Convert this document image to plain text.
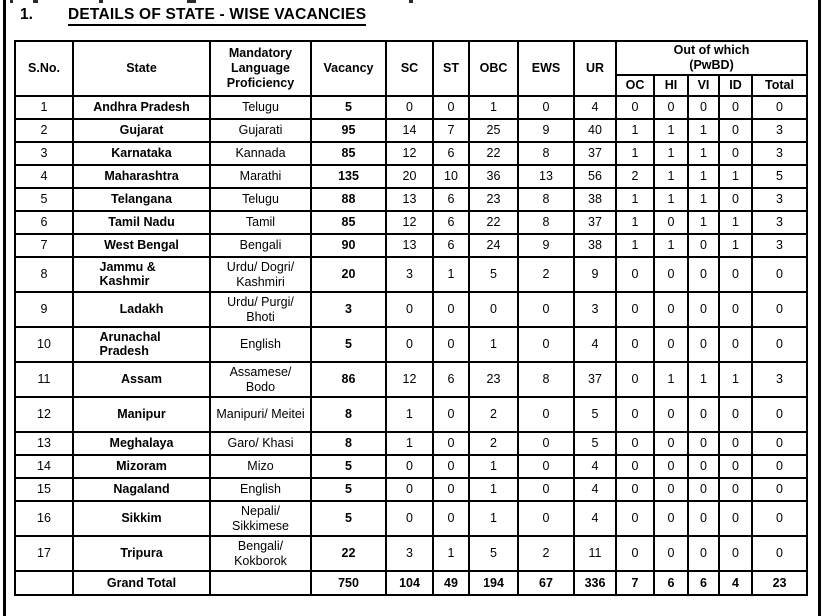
1. DETAILS OF STATE - WISE VACANCIES
S.No.	State	Mandatory Language Proficiency	Vacancy	SC	ST	OBC	EWS	UR	Out of which
(PwBD)				

									OC	HI	VI	ID	Total
1	Andhra Pradesh	Telugu	5	0	0	1	0	4	0	0	0	0	0
2	Gujarat	Gujarati	95	14	7	25	9	40	1	1	1	0	3
3	Karnataka	Kannada	85	12	6	22	8	37	1	1	1	0	3
4	Maharashtra	Marathi	135	20	10	36	13	56	2	1	1	1	5
5	Telangana	Telugu	88	13	6	23	8	38	1	1	1	0	3
6	Tamil Nadu	Tamil	85	12	6	22	8	37	1	0	1	1	3
7	West Bengal	Bengali	90	13	6	24	9	38	1	1	0	1	3
8	Jammu & Kashmir	Urdu/ Dogri/ Kashmiri	20	3	1	5	2	9	0	0	0	0	0
9	Ladakh	Urdu/ Purgi/ Bhoti	3	0	0	0	0	3	0	0	0	0	0
10	Arunachal Pradesh	English	5	0	0	1	0	4	0	0	0	0	0
11	Assam	Assamese/ Bodo	86	12	6	23	8	37	0	1	1	1	3
12	Manipur	Manipuri/ Meitei	8	1	0	2	0	5	0	0	0	0	0
13	Meghalaya	Garo/ Khasi	8	1	0	2	0	5	0	0	0	0	0
14	Mizoram	Mizo	5	0	0	1	0	4	0	0	0	0	0
15	Nagaland	English	5	0	0	1	0	4	0	0	0	0	0
16	Sikkim	Nepali/ Sikkimese	5	0	0	1	0	4	0	0	0	0	0
17	Tripura	Bengali/ Kokborok	22	3	1	5	2	11	0	0	0	0	0
	Grand Total		750	104	49	194	67	336	7	6	6	4	23
